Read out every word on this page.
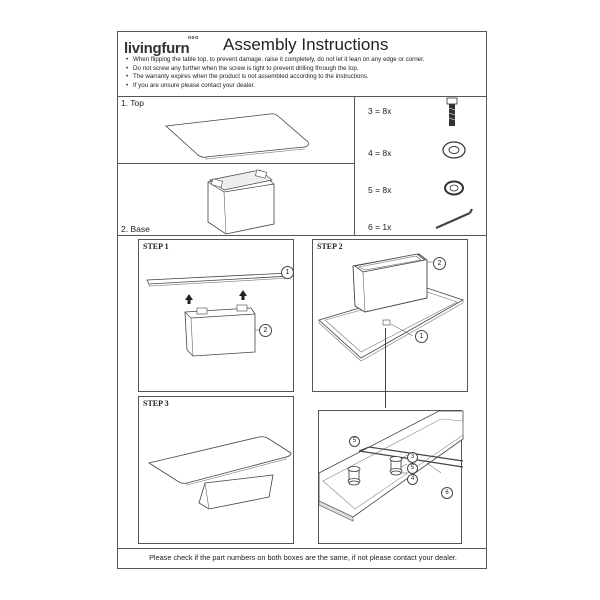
livingfurn
ooo Assembly Instructions
• When flipping the table top, to prevent damage, raise it completely, do not let it lean on any edge or corner.
• Do not screw any further when the screw is tight to prevent drilling through the top.
• The warranty expires when the product is not assembled according to the instructions.
• If you are unsure please contact your dealer.
1. Top
2. Base
3 = 8x
4 = 8x
5 = 8x
6 = 1x
STEP 1
1
2
STEP 2
2
1
STEP 3
5
3
5
4
6
Please check if the part numbers on both boxes are the same, if not please contact your dealer.
